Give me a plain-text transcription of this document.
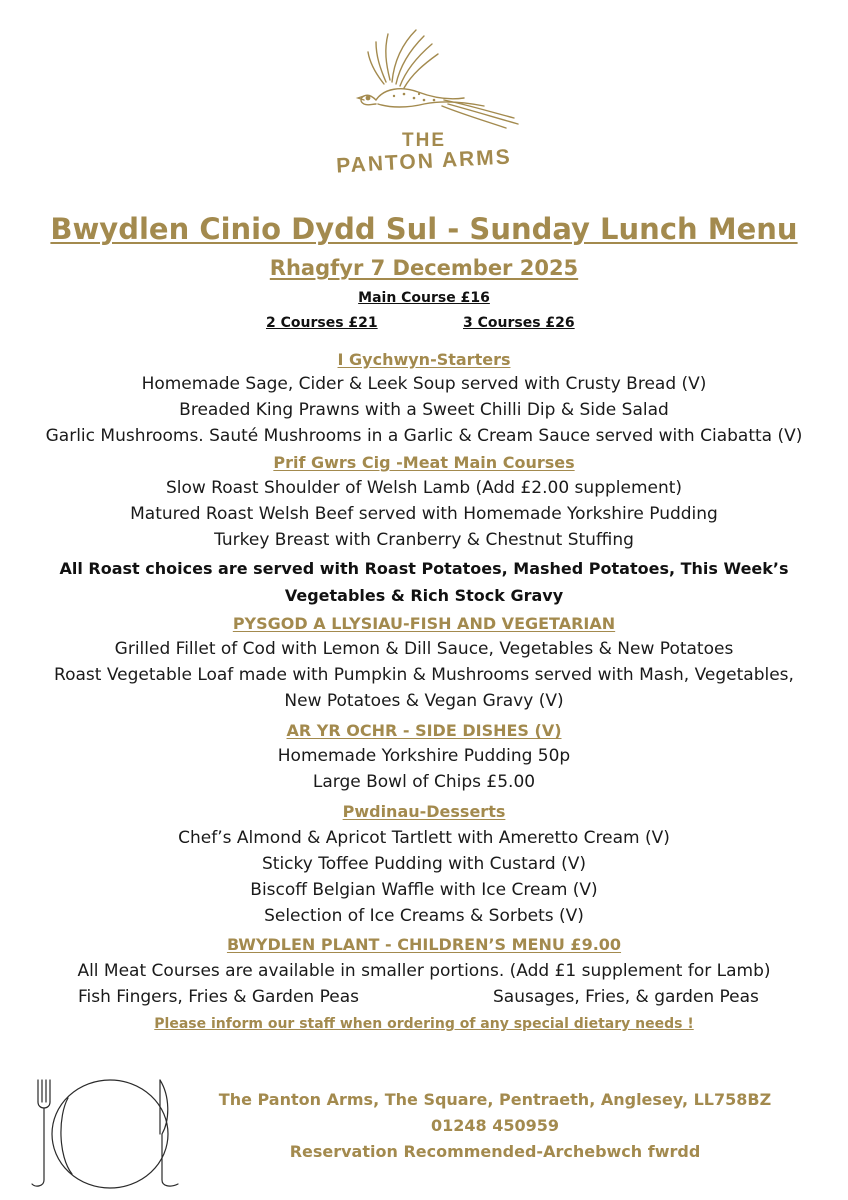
THE
PANTON ARMS
Bwydlen Cinio Dydd Sul - Sunday Lunch Menu
Rhagfyr 7 December 2025
Main Course £16
2 Courses £21	3 Courses £26
I Gychwyn-Starters
Homemade Sage, Cider & Leek Soup served with Crusty Bread (V)
Breaded King Prawns with a Sweet Chilli Dip & Side Salad
Garlic Mushrooms. Sauté Mushrooms in a Garlic & Cream Sauce served with Ciabatta (V)
Prif Gwrs Cig -Meat Main Courses
Slow Roast Shoulder of Welsh Lamb (Add £2.00 supplement)
Matured Roast Welsh Beef served with Homemade Yorkshire Pudding
Turkey Breast with Cranberry & Chestnut Stuffing
All Roast choices are served with Roast Potatoes, Mashed Potatoes, This Week’s
Vegetables & Rich Stock Gravy
PYSGOD A LLYSIAU-FISH AND VEGETARIAN
Grilled Fillet of Cod with Lemon & Dill Sauce, Vegetables & New Potatoes
Roast Vegetable Loaf made with Pumpkin & Mushrooms served with Mash, Vegetables,
New Potatoes & Vegan Gravy (V)
AR YR OCHR - SIDE DISHES (V)
Homemade Yorkshire Pudding 50p
Large Bowl of Chips £5.00
Pwdinau-Desserts
Chef’s Almond & Apricot Tartlett with Ameretto Cream (V)
Sticky Toffee Pudding with Custard (V)
Biscoff Belgian Waffle with Ice Cream (V)
Selection of Ice Creams & Sorbets (V)
BWYDLEN PLANT - CHILDREN’S MENU £9.00
All Meat Courses are available in smaller portions. (Add £1 supplement for Lamb)
Fish Fingers, Fries & Garden Peas	Sausages, Fries, & garden Peas
Please inform our staff when ordering of any special dietary needs !
The Panton Arms, The Square, Pentraeth, Anglesey, LL758BZ
01248 450959
Reservation Recommended-Archebwch fwrdd
